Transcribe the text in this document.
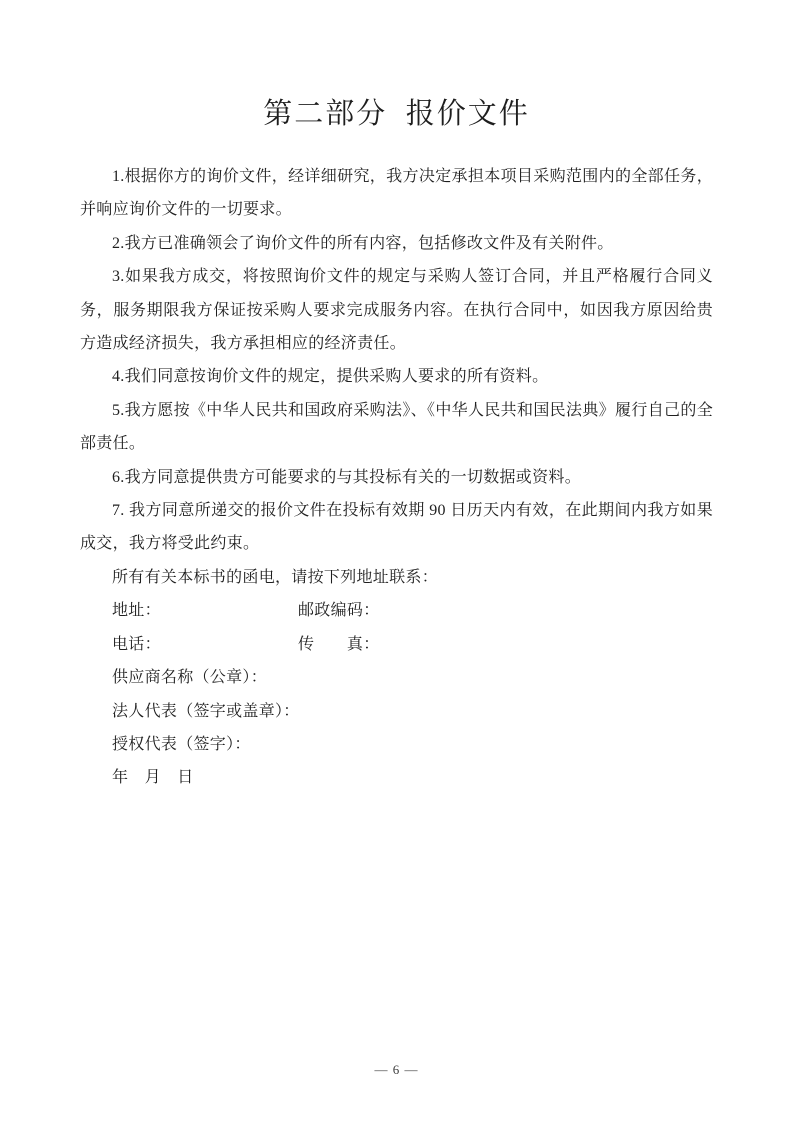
第二部分  报价文件

1.根据你方的询价文件，经详细研究，我方决定承担本项目采购范围内的全部任务，并响应询价文件的一切要求。

2.我方已准确领会了询价文件的所有内容，包括修改文件及有关附件。

3.如果我方成交，将按照询价文件的规定与采购人签订合同，并且严格履行合同义务，服务期限我方保证按采购人要求完成服务内容。在执行合同中，如因我方原因给贵方造成经济损失，我方承担相应的经济责任。

4.我们同意按询价文件的规定，提供采购人要求的所有资料。

5.我方愿按《中华人民共和国政府采购法》、《中华人民共和国民法典》履行自己的全部责任。

6.我方同意提供贵方可能要求的与其投标有关的一切数据或资料。

7. 我方同意所递交的报价文件在投标有效期 90 日历天内有效，在此期间内我方如果成交，我方将受此约束。

所有有关本标书的函电，请按下列地址联系：

地址：	邮政编码：

电话：	传　　真：

供应商名称（公章）：

法人代表（签字或盖章）：

授权代表（签字）：

年　月　日

— 6 —
